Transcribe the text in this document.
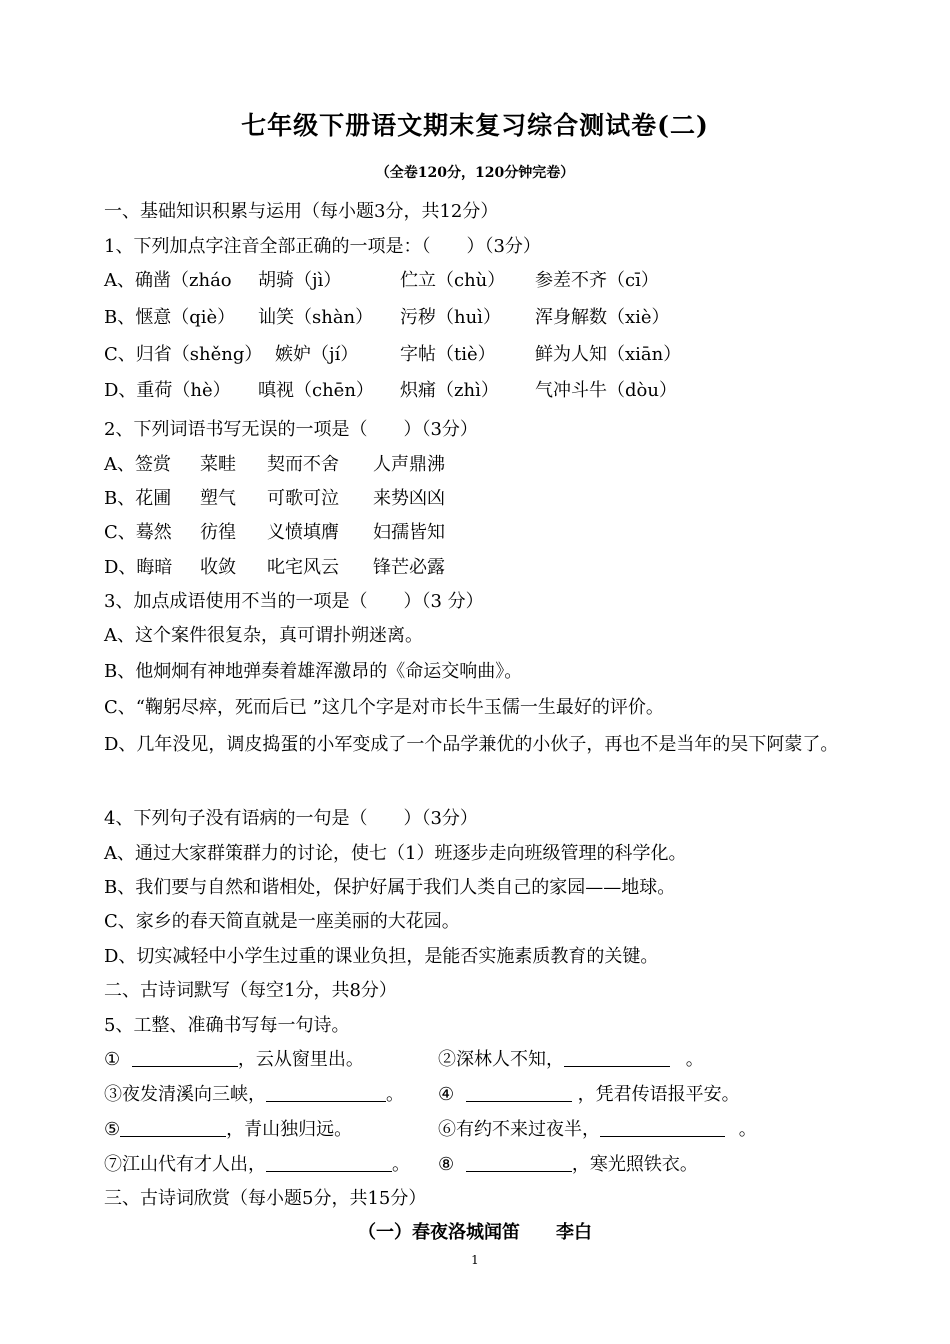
七年级下册语文期末复习综合测试卷(二)
（全卷120分，120分钟完卷）
一、基础知识积累与运用（每小题3分，共12分）
1、下列加点字注音全部正确的一项是：（　　）（3分）
A、确凿（zháo 胡骑（jì）	伫立（chù） 参差不齐（cī）
B、惬意（qiè） 讪笑（shàn） 污秽（huì） 浑身解数（xiè）
C、归省（shěng） 嫉妒（jí） 字帖（tiè） 鲜为人知（xiān）
D、重荷（hè） 嗔视（chēn） 炽痛（zhì） 气冲斗牛（dòu）
2、下列词语书写无误的一项是（　　）（3分）
A、签赏 菜畦 契而不舍 人声鼎沸
B、花圃 塑气 可歌可泣 来势凶凶
C、蓦然 彷徨 义愤填膺 妇孺皆知
D、晦暗 收敛 叱宅风云 锋芒必露
3、加点成语使用不当的一项是（　　）（3 分）
A、这个案件很复杂，真可谓扑朔迷离。
B、他炯炯有神地弹奏着雄浑激昂的《命运交响曲》。
C、“鞠躬尽瘁，死而后已 ”这几个字是对市长牛玉儒一生最好的评价。
D、几年没见，调皮捣蛋的小军变成了一个品学兼优的小伙子，再也不是当年的吴下阿蒙了。
4、下列句子没有语病的一句是（　　）（3分）
A、通过大家群策群力的讨论，使七（1）班逐步走向班级管理的科学化。
B、我们要与自然和谐相处，保护好属于我们人类自己的家园——地球。
C、家乡的春天简直就是一座美丽的大花园。
D、切实减轻中小学生过重的课业负担，是能否实施素质教育的关键。
二、古诗词默写（每空1分，共8分）
5、工整、准确书写每一句诗。
①	，云从窗里出。	②深林人不知，	。
③夜发清溪向三峡，	。 ④	，凭君传语报平安。
⑤	，青山独归远。	⑥有约不来过夜半，	。
⑦江山代有才人出，	。 ⑧	，寒光照铁衣。
三、古诗词欣赏（每小题5分，共15分）
（一）春夜洛城闻笛　　李白
1
